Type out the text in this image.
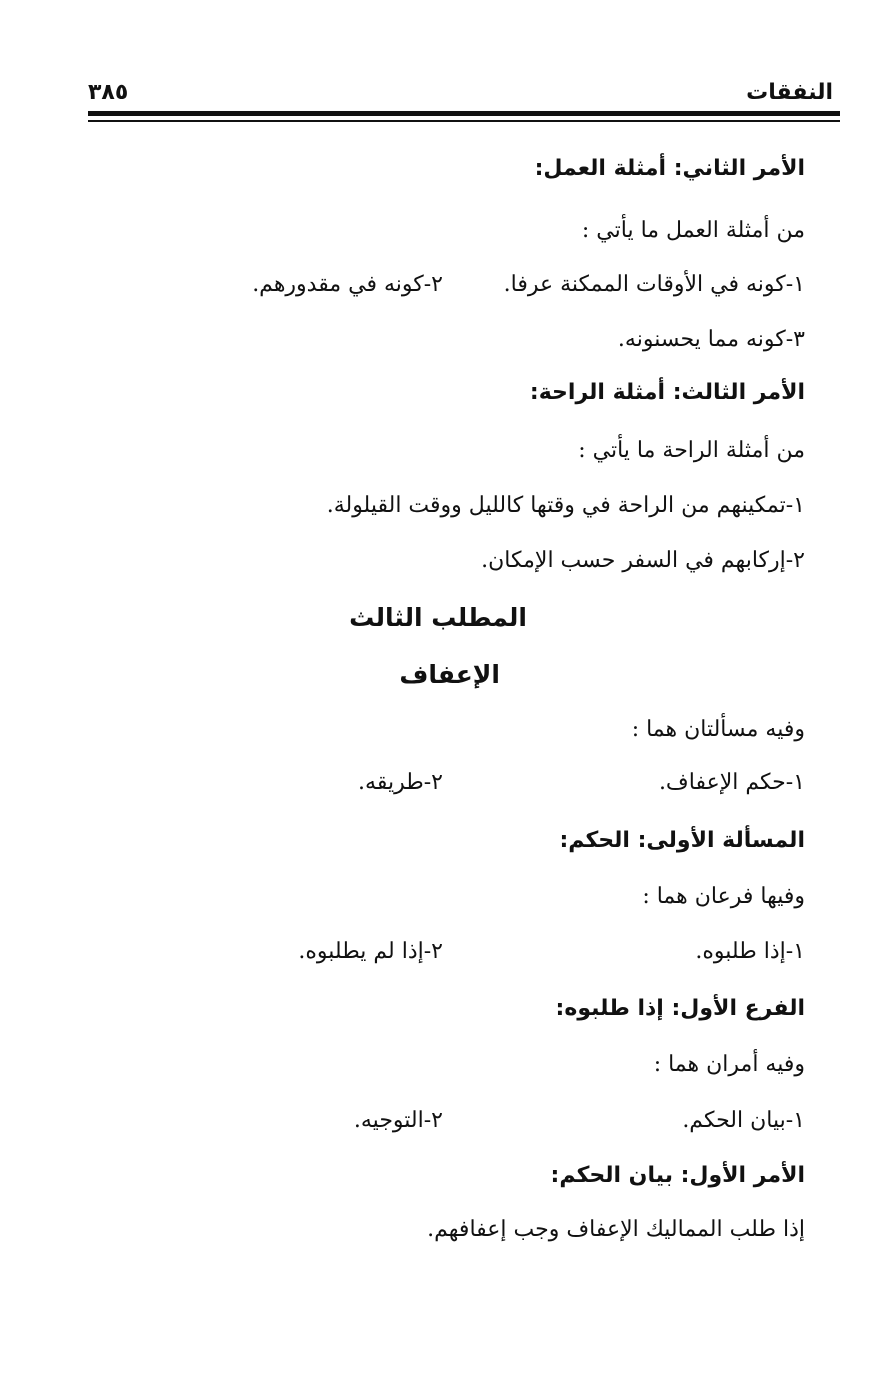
النفقات
٣٨٥
الأمر الثاني: أمثلة العمل:
من أمثلة العمل ما يأتي :
١-كونه في الأوقات الممكنة عرفا.
٢-كونه في مقدورهم.
٣-كونه مما يحسنونه.
الأمر الثالث: أمثلة الراحة:
من أمثلة الراحة ما يأتي :
١-تمكينهم من الراحة في وقتها كالليل ووقت القيلولة.
٢-إركابهم في السفر حسب الإمكان.
المطلب الثالث
الإعفاف
وفيه مسألتان هما :
١-حكم الإعفاف.
٢-طريقه.
المسألة الأولى: الحكم:
وفيها فرعان هما :
١-إذا طلبوه.
٢-إذا لم يطلبوه.
الفرع الأول: إذا طلبوه:
وفيه أمران هما :
١-بيان الحكم.
٢-التوجيه.
الأمر الأول: بيان الحكم:
إذا طلب المماليك الإعفاف وجب إعفافهم.
